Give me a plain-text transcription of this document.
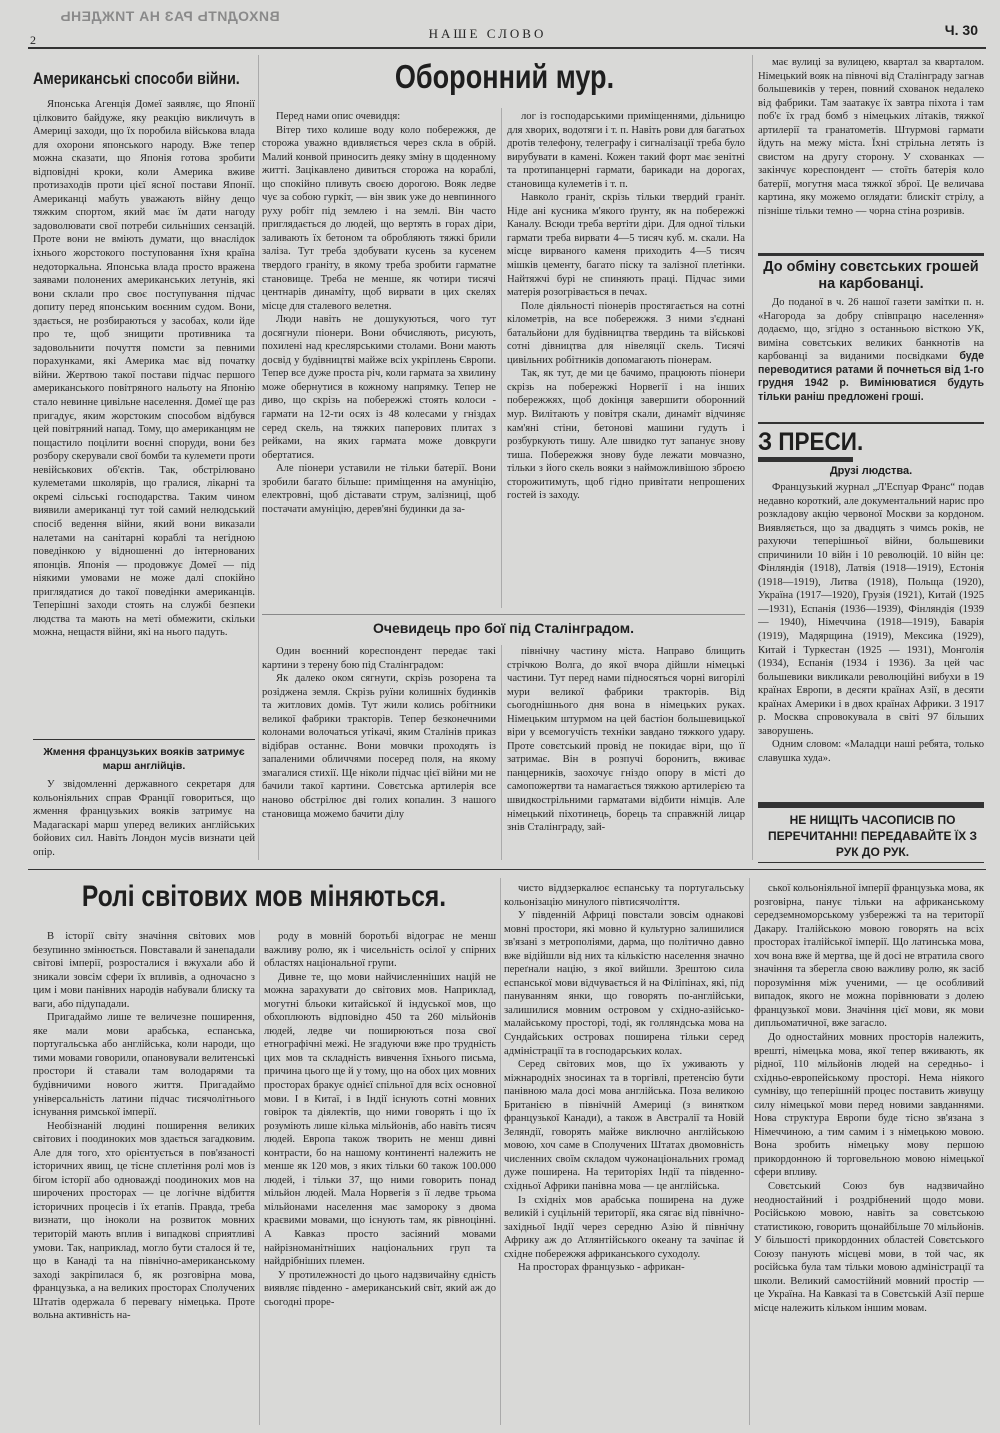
ВИХОДИТЬ РАЗ НА ТИЖДЕНЬ
2	НАШЕ СЛОВО	Ч. 30
Американські способи війни.

Японська Агенція Домеї заявляє, що Японії цілковито байдуже, яку реакцію викличуть в Америці заходи, що їх поробила військова влада для охорони японського народу. Вже тепер можна сказати, що Японія готова зробити відповідні кроки, коли Америка вживе протизаходів проти цієї ясної постави Японії. Американці мабуть уважають війну дещо тяжким спортом, який має їм дати нагоду задоволювати свої потреби сильніших сензацій. Проте вони не вміють думати, що внаслідок іхнього жорстокого поступовання їхня країна недоторкальна. Японська влада просто вражена заявами полонених американських летунів, які вони склали про своє поступування підчас допиту перед японським воєнним судом. Вони, здається, не розбираються у засобах, коли йде про те, щоб знищити противника та задовольнити почуття помсти за певними порахунками, які Америка має від початку війни. Жертвою такої постави підчас першого американського повітряного нальоту на Японію стало невинне цивільне населення. Домеї ще раз пригадує, яким жорстоким способом відбувся цей повітряний напад. Тому, що американцям не пощастило поцілити воєнні споруди, вони без розбору скерували свої бомби та кулемети проти невійськових об'єктів. Так, обстрілювано кулеметами школярів, що гралися, лікарні та окремі сільські господарства. Таким чином виявили американці тут той самий нелюдський спосіб ведення війни, який вони виказали налетами на санітарні кораблі та негідною поведінкою у відношенні до інтернованих японців. Японія — продовжує Домеї — під ніякими умовами не може далі спокійно приглядатися до такої поведінки американців. Теперішні заходи стоять на службі безпеки людства та мають на меті обмежити, скільки можна, нещастя війни, які на нього падуть.

Жмення французьких вояків затримує марш англійців.

У звідомленні державного секретаря для кольоніяльних справ Франції говориться, що жмення французьких вояків затримує на Мадагаскарі марш уперед великих англійських бойових сил. Навіть Лондон мусів визнати цей опір.

Оборонний мур.

Перед нами опис очевидця:

Вітер тихо колише воду коло побережжя, де сторожа уважно вдивляється через скла в обрій. Малий конвой приносить деяку зміну в щоденному житті. Зацікавлено дивиться сторожа на кораблі, що спокійно пливуть своєю дорогою. Вояк ледве чує за собою гуркіт, — він звик уже до невпинного руху робіт під землею і на землі. Він часто приглядається до людей, що вертять в горах діри, заливають їх бетоном та обробляють тяжкі брили заліза. Тут треба здобувати кусень за кусенем твердого граніту, в якому треба зробити гарматне становище. Треба не менше, як чотири тисячі центнарів динаміту, щоб вирвати в цих скелях місце для сталевого велетня.

Люди навіть не дошукуються, чого тут досягнули піонери. Вони обчисляють, рисують, похилені над креслярськими столами. Вони мають досвід у будівництві майже всіх укріплень Європи. Тепер все дуже проста річ, коли гармата за хвилину може обернутися в кожному напрямку. Тепер не диво, що скрізь на побережжі стоять колоси - гармати на 12-ти осях із 48 колесами у гніздах серед скель, на тяжких паперових плитах з рейками, на яких гармата може довкруги обертатися.

Але піонери уставили не тільки батерії. Вони зробили багато більше: приміщення на амуніцію, електровні, щоб діставати струм, залізниці, щоб постачати амуніцію, дерев'яні будинки да за-

лог із господарськими приміщеннями, дільницю для хворих, водотяги і т. п. Навіть рови для багатьох дротів телефону, телеграфу і сигналізації треба було вирубувати в камені. Кожен такий форт має зенітні та протипанцерні гармати, барикади на дорогах, становища кулеметів і т. п.

Навколо граніт, скрізь тільки твердий граніт. Ніде ані кусника м'якого ґрунту, як на побережжі Каналу. Всюди треба вертіти діри. Для одної тільки гармати треба вирвати 4—5 тисяч куб. м. скали. На місце вирваного каменя приходить 4—5 тисяч мішків цементу, багато піску та залізної плетінки. Найтяжчі бурі не спиняють праці. Підчас зими матерія розогрівається в печах.

Поле діяльності піонерів простягається на сотні кілометрів, на все побережжя. З ними з'єднані батальйони для будівництва твердинь та військові сотні дівництва для нівеляції скель. Тисячі цивільних робітників допомагають піонерам.

Так, як тут, де ми це бачимо, працюють піонери скрізь на побережжі Норвегії і на інших побережжях, щоб докінця завершити оборонний мур. Вилітають у повітря скали, динаміт відчиняє кам'яні стіни, бетонові машини гудуть і розбуркують тишу. Але швидко тут запанує знову тиша. Побережжя знову буде лежати мовчазно, тільки з його скель вояки з найможливішою зброєю сторожитимуть, щоб гідно привітати непрошених гостей із заходу.

Очевидець про бої під Сталінградом.

Один воєнний кореспондент передає такі картини з терену бою під Сталінградом:

Як далеко оком сягнути, скрізь розорена та розіджена земля. Скрізь руїни колишніх будинків та житлових домів. Тут жили колись робітники великої фабрики тракторів. Тепер безконечними колонами волочаться утікачі, яким Сталінів приказ відібрав останнє. Вони мовчки проходять із запаленими обличчями посеред поля, на якому змагалися стихії. Ще ніколи підчас цієї війни ми не бачили такої картини. Совєтська артилерія все наново обстрілює дві голих копалин. З нашого становища можемо бачити ділу

північну частину міста. Направо блищить стрічкою Волга, до якої вчора дійшли німецькі частини. Тут перед нами підносяться чорні вигорілі мури великої фабрики тракторів. Від сьогоднішнього дня вона в німецьких руках. Німецьким штурмом на цей бастіон большевицької віри у всемогучість техніки завдано тяжкого удару. Проте совєтський провід не покидає віри, що її затримає. Він в розпучі боронить, вживає панцерників, заохочує гніздо опору в місті до самопожертви та намагається тяжкою артилерією та швидкострільними гарматами відбити німців. Але німецький піхотинець, борець та справжній лицар знів Сталінграду, зай-

має вулиці за вулицею, квартал за кварталом. Німецький вояк на півночі від Сталінграду загнав большевиків у терен, повний схованок недалеко від фабрики. Там заатакує їх завтра піхота і там поб'є їх град бомб з німецьких літаків, тяжкої артилерії та гранатометів. Штурмові гармати йдуть на межу міста. Їхні стрільна летять із свистом на другу сторону. У схованках — закінчує кореспондент — стоїть батерія коло батерії, могутня маса тяжкої зброї. Це величава картина, яку можемо оглядати: блискіт стрілу, а пізніше тільки темно — чорна стіна розривів.

До обміну совєтських грошей на карбованці.

До поданої в ч. 26 нашої газети замітки п. н. «Нагорода за добру співпрацю населення» додаємо, що, згідно з останньою вісткою УК, виміна совєтських великих банкнотів на карбованці за виданими посвідками буде переводитися ратами й почнеться від 1-го грудня 1942 р. Вимінюватися будуть тільки раніш предложені гроші.

З ПРЕСИ.
Друзі людства.

Французький журнал „Л'Еспуар Франс“ подав недавно короткий, але документальний нарис про розкладову акцію червоної Москви за кордоном. Виявляється, що за двадцять з чимсь років, не рахуючи теперішньої війни, большевики спричинили 10 війн і 10 революцій. 10 війн це: Фінляндія (1918), Латвія (1918—1919), Естонія (1918—1919), Литва (1918), Польща (1920), Україна (1917—1920), Грузія (1921), Китай (1925—1931), Еспанія (1936—1939), Фінляндія (1939 — 1940), Німеччина (1918—1919), Баварія (1919), Мадярщина (1919), Мексика (1929), Китай і Туркестан (1925 — 1931), Монголія (1934), Еспанія (1934 і 1936). За цей час большевики викликали революційні вибухи в 19 країнах Европи, в десяти країнах Азії, в десяти країнах Америки і в двох країнах Африки. З 1917 р. Москва спровокувала в світі 97 більших заворушень.

Одним словом: «Маладци наші ребята, только славушка худа».

НЕ НИЩІТЬ ЧАСОПИСІВ ПО ПЕРЕЧИТАННІ! ПЕРЕДАВАЙТЕ ЇХ З РУК ДО РУК.
Ролі світових мов міняються.

В історії світу значіння світових мов безупинно змінюється. Повставали й занепадали світові імперії, розросталися і вжухали або й зникали зовсім сфери їх впливів, а одночасно з цим і мови панівних народів набували блиску та ваги, або підупадали.

Пригадаймо лише те величезне поширення, яке мали мови арабська, еспанська, португальська або англійська, коли народи, що тими мовами говорили, опановували велитенські простори й ставали там володарями та будівничими нового життя. Пригадаймо універсальність латини підчас тисячолітнього існування римської імперії.

Необізнаній людині поширення великих світових і поодиноких мов здається загадковим. Але для того, хто орієнтується в пов'язаності історичних явищ, це тісне сплетіння ролі мов із бігом історії або одноважді поодиноких мов на широчених просторах — це логічне відбиття історичних процесів і їх етапів. Правда, треба визнати, що іноколи на розвиток мовних територій мають вплив і випадкові сприятливі умови. Так, наприклад, могло бути сталося й те, що в Канаді та на північно-американському заході закріпилася б, як розговірна мова, французька, а на великих просторах Сполучених Штатів одержала б перевагу німецька. Проте вольна активність на-

роду в мовній боротьбі відограє не менш важливу ролю, як і чисельність осілої у спірних областях національної групи.

Дивне те, що мови найчисленніших націй не можна зарахувати до світових мов. Наприклад, могутні бльоки китайської й індуської мов, що обхоплюють відповідно 450 та 260 мільйонів людей, ледве чи поширюються поза свої етнографічні межі. Не згадуючи вже про трудність цих мов та складність вивчення їхнього письма, причина цього ще й у тому, що на обох цих мовних просторах бракує однієї спільної для всіх основної мови. І в Китаї, і в Індії існують сотні мовних говірок та діялектів, що ними говорять і що їх розуміють лише кілька мільйонів, або навіть тисяч людей. Европа також творить не менш дивні контрасти, бо на нашому континенті належить не менше як 120 мов, з яких тільки 60 також 100.000 людей, і тільки 37, що ними говорить понад мільйон людей. Мала Норвегія з її ледве трьома мільйонами населення має замороку з двома краєвими мовами, що існують там, як рівноцінні. А Кавказ просто засіяний мовами найрізноманітніших національних груп та найдрібніших племен.

У протилежності до цього надзвичайну єдність виявляє південно - американський світ, який аж до сьогодні проре-

чисто віддзеркалює еспанську та португальську кольонізацію минулого півтисячоліття.

У південній Африці повстали зовсім однакові мовні простори, які мовно й культурно залишилися зв'язані з метрополіями, дарма, що політично давно вже відійшли від них та кількістю населення значно переґнали націю, з якої вийшли. Зрештою сила еспанської мови відчувається й на Філіпінах, які, під пануванням янки, що говорять по-англійськи, залишилися мовним островом у східно-азійсько-малайському просторі, тоді, як голляндська мова на Сундайських островах поширена тільки серед адміністрації та в господарських колах.

Серед світових мов, що їх уживають у міжнародніх зносинах та в торгівлі, претенсію бути панівною мала досі мова англійська. Поза великою Британією в північній Америці (з винятком французької Канади), а також в Австралії та Новій Зеляндії, говорять майже виключно англійською мовою, хоч саме в Сполучених Штатах двомовність численних своїм складом чужонаціональних громад дуже поширена. На територіях Індії та південно-східньої Африки панівна мова — це англійська.

Із східніх мов арабська поширена на дуже великій і суцільній території, яка сягає від північно-західньої Індії через середню Азію й північну Африку аж до Атлянтійського океану та зачіпає й східне побережжя африканського суходолу.

На просторах французько - африкан-

ської кольоніяльної імперії французька мова, як розговірна, панує тільки на африканському середземноморському узбережжі та на території Дакару. Італійською мовою говорять на всіх просторах італійської імперії. Що латинська мова, хоч вона вже й мертва, ще й досі не втратила свого значіння та зберегла свою важливу ролю, як засіб порозуміння між ученими, — це особливий випадок, якого не можна порівнювати з долею французької мови. Значіння цієї мови, як мови дипльоматичної, вже загасло.

До одностайних мовних просторів належить, врешті, німецька мова, якої тепер вживають, як рідної, 110 мільйонів людей на середньо- і східньо-европейському просторі. Нема ніякого сумніву, що теперішній процес поставить живущу силу німецької мови перед новими завданнями. Нова структура Европи буде тісно зв'язана з Німеччиною, а тим самим і з німецькою мовою. Вона зробить німецьку мову першою прикордонною й торговельною мовою німецької сфери впливу.

Совєтський Союз був надзвичайно неодностайний і роздрібнений щодо мови. Російською мовою, навіть за совєтською статистикою, говорить щонайбільше 70 мільйонів. У більшості прикордонних областей Совєтського Союзу панують місцеві мови, в той час, як російська була там тільки мовою адміністрації та школи. Великий самостійний мовний простір — це Україна. На Кавказі та в Совєтській Азії перше місце належить кільком іншим мовам.
